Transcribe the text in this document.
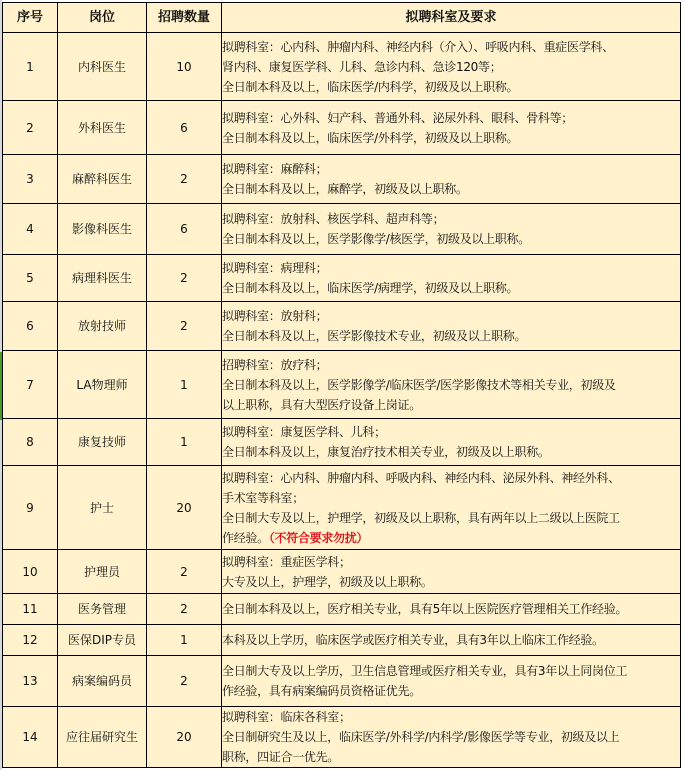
序号	岗位	招聘数量	拟聘科室及要求
1	内科医生	10	拟聘科室：心内科、肿瘤内科、神经内科（介入）、呼吸内科、重症医学科、
肾内科、康复医学科、儿科、急诊内科、急诊120等；
全日制本科及以上，临床医学/内科学，初级及以上职称。

2	外科医生	6	拟聘科室：心外科、妇产科、普通外科、泌尿外科、眼科、骨科等；
全日制本科及以上，临床医学/外科学，初级及以上职称。

3	麻醉科医生	2	拟聘科室：麻醉科；
全日制本科及以上，麻醉学，初级及以上职称。

4	影像科医生	6	拟聘科室：放射科、核医学科、超声科等；
全日制本科及以上，医学影像学/核医学，初级及以上职称。

5	病理科医生	2	拟聘科室：病理科；
全日制本科及以上，临床医学/病理学，初级及以上职称。

6	放射技师	2	拟聘科室：放射科；
全日制本科及以上，医学影像技术专业，初级及以上职称。

7	LA物理师	1	招聘科室：放疗科；
全日制本科及以上，医学影像学/临床医学/医学影像技术等相关专业，初级及
以上职称，具有大型医疗设备上岗证。

8	康复技师	1	拟聘科室：康复医学科、儿科；
全日制本科及以上，康复治疗技术相关专业，初级及以上职称。

9	护士	20	拟聘科室：心内科、肿瘤内科、呼吸内科、神经内科、泌尿外科、神经外科、
手术室等科室；
全日制大专及以上，护理学，初级及以上职称，具有两年以上二级以上医院工
作经验。（不符合要求勿扰）

10	护理员	2	拟聘科室：重症医学科；
大专及以上，护理学，初级及以上职称。

11	医务管理	2	全日制本科及以上，医疗相关专业，具有5年以上医院医疗管理相关工作经验。

12	医保DIP专员	1	本科及以上学历，临床医学或医疗相关专业，具有3年以上临床工作经验。

13	病案编码员	2	全日制大专及以上学历，卫生信息管理或医疗相关专业，具有3年以上同岗位工
作经验，具有病案编码员资格证优先。

14	应往届研究生	20	拟聘科室：临床各科室；
全日制研究生及以上，临床医学/外科学/内科学/影像医学等专业，初级及以上
职称，四证合一优先。
